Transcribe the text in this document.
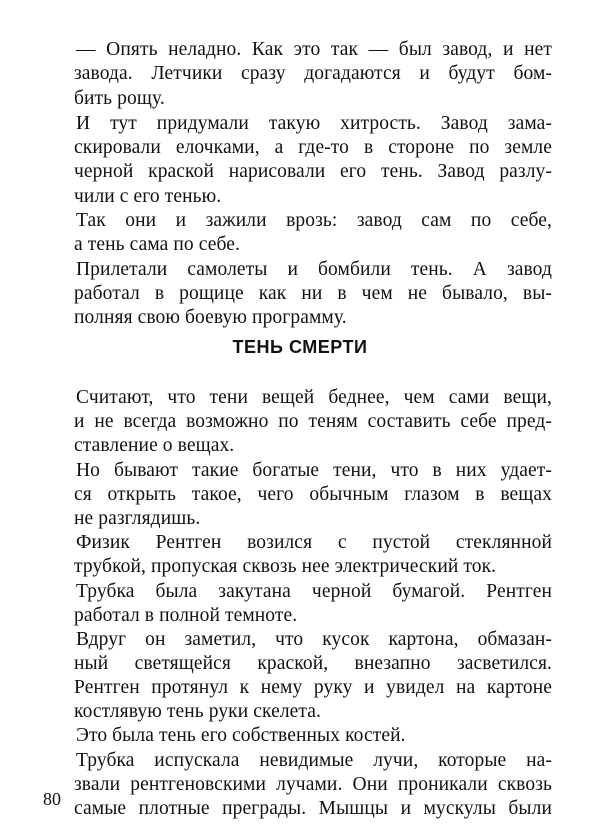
— Опять неладно. Как это так — был завод, и нет
завода. Летчики сразу догадаются и будут бом-
бить рощу.
И тут придумали такую хитрость. Завод зама-
скировали елочками, а где-то в стороне по земле
черной краской нарисовали его тень. Завод разлу-
чили с его тенью.
Так они и зажили врозь: завод сам по себе,
а тень сама по себе.
Прилетали самолеты и бомбили тень. А завод
работал в рощице как ни в чем не бывало, вы-
полняя свою боевую программу.
ТЕНЬ СМЕРТИ
Считают, что тени вещей беднее, чем сами вещи,
и не всегда возможно по теням составить себе пред-
ставление о вещах.
Но бывают такие богатые тени, что в них удает-
ся открыть такое, чего обычным глазом в вещах
не разглядишь.
Физик Рентген возился с пустой стеклянной
трубкой, пропуская сквозь нее электрический ток.
Трубка была закутана черной бумагой. Рентген
работал в полной темноте.
Вдруг он заметил, что кусок картона, обмазан-
ный светящейся краской, внезапно засветился.
Рентген протянул к нему руку и увидел на картоне
костлявую тень руки скелета.
Это была тень его собственных костей.
Трубка испускала невидимые лучи, которые на-
звали рентгеновскими лучами. Они проникали сквозь
самые плотные преграды. Мышцы и мускулы были
80
